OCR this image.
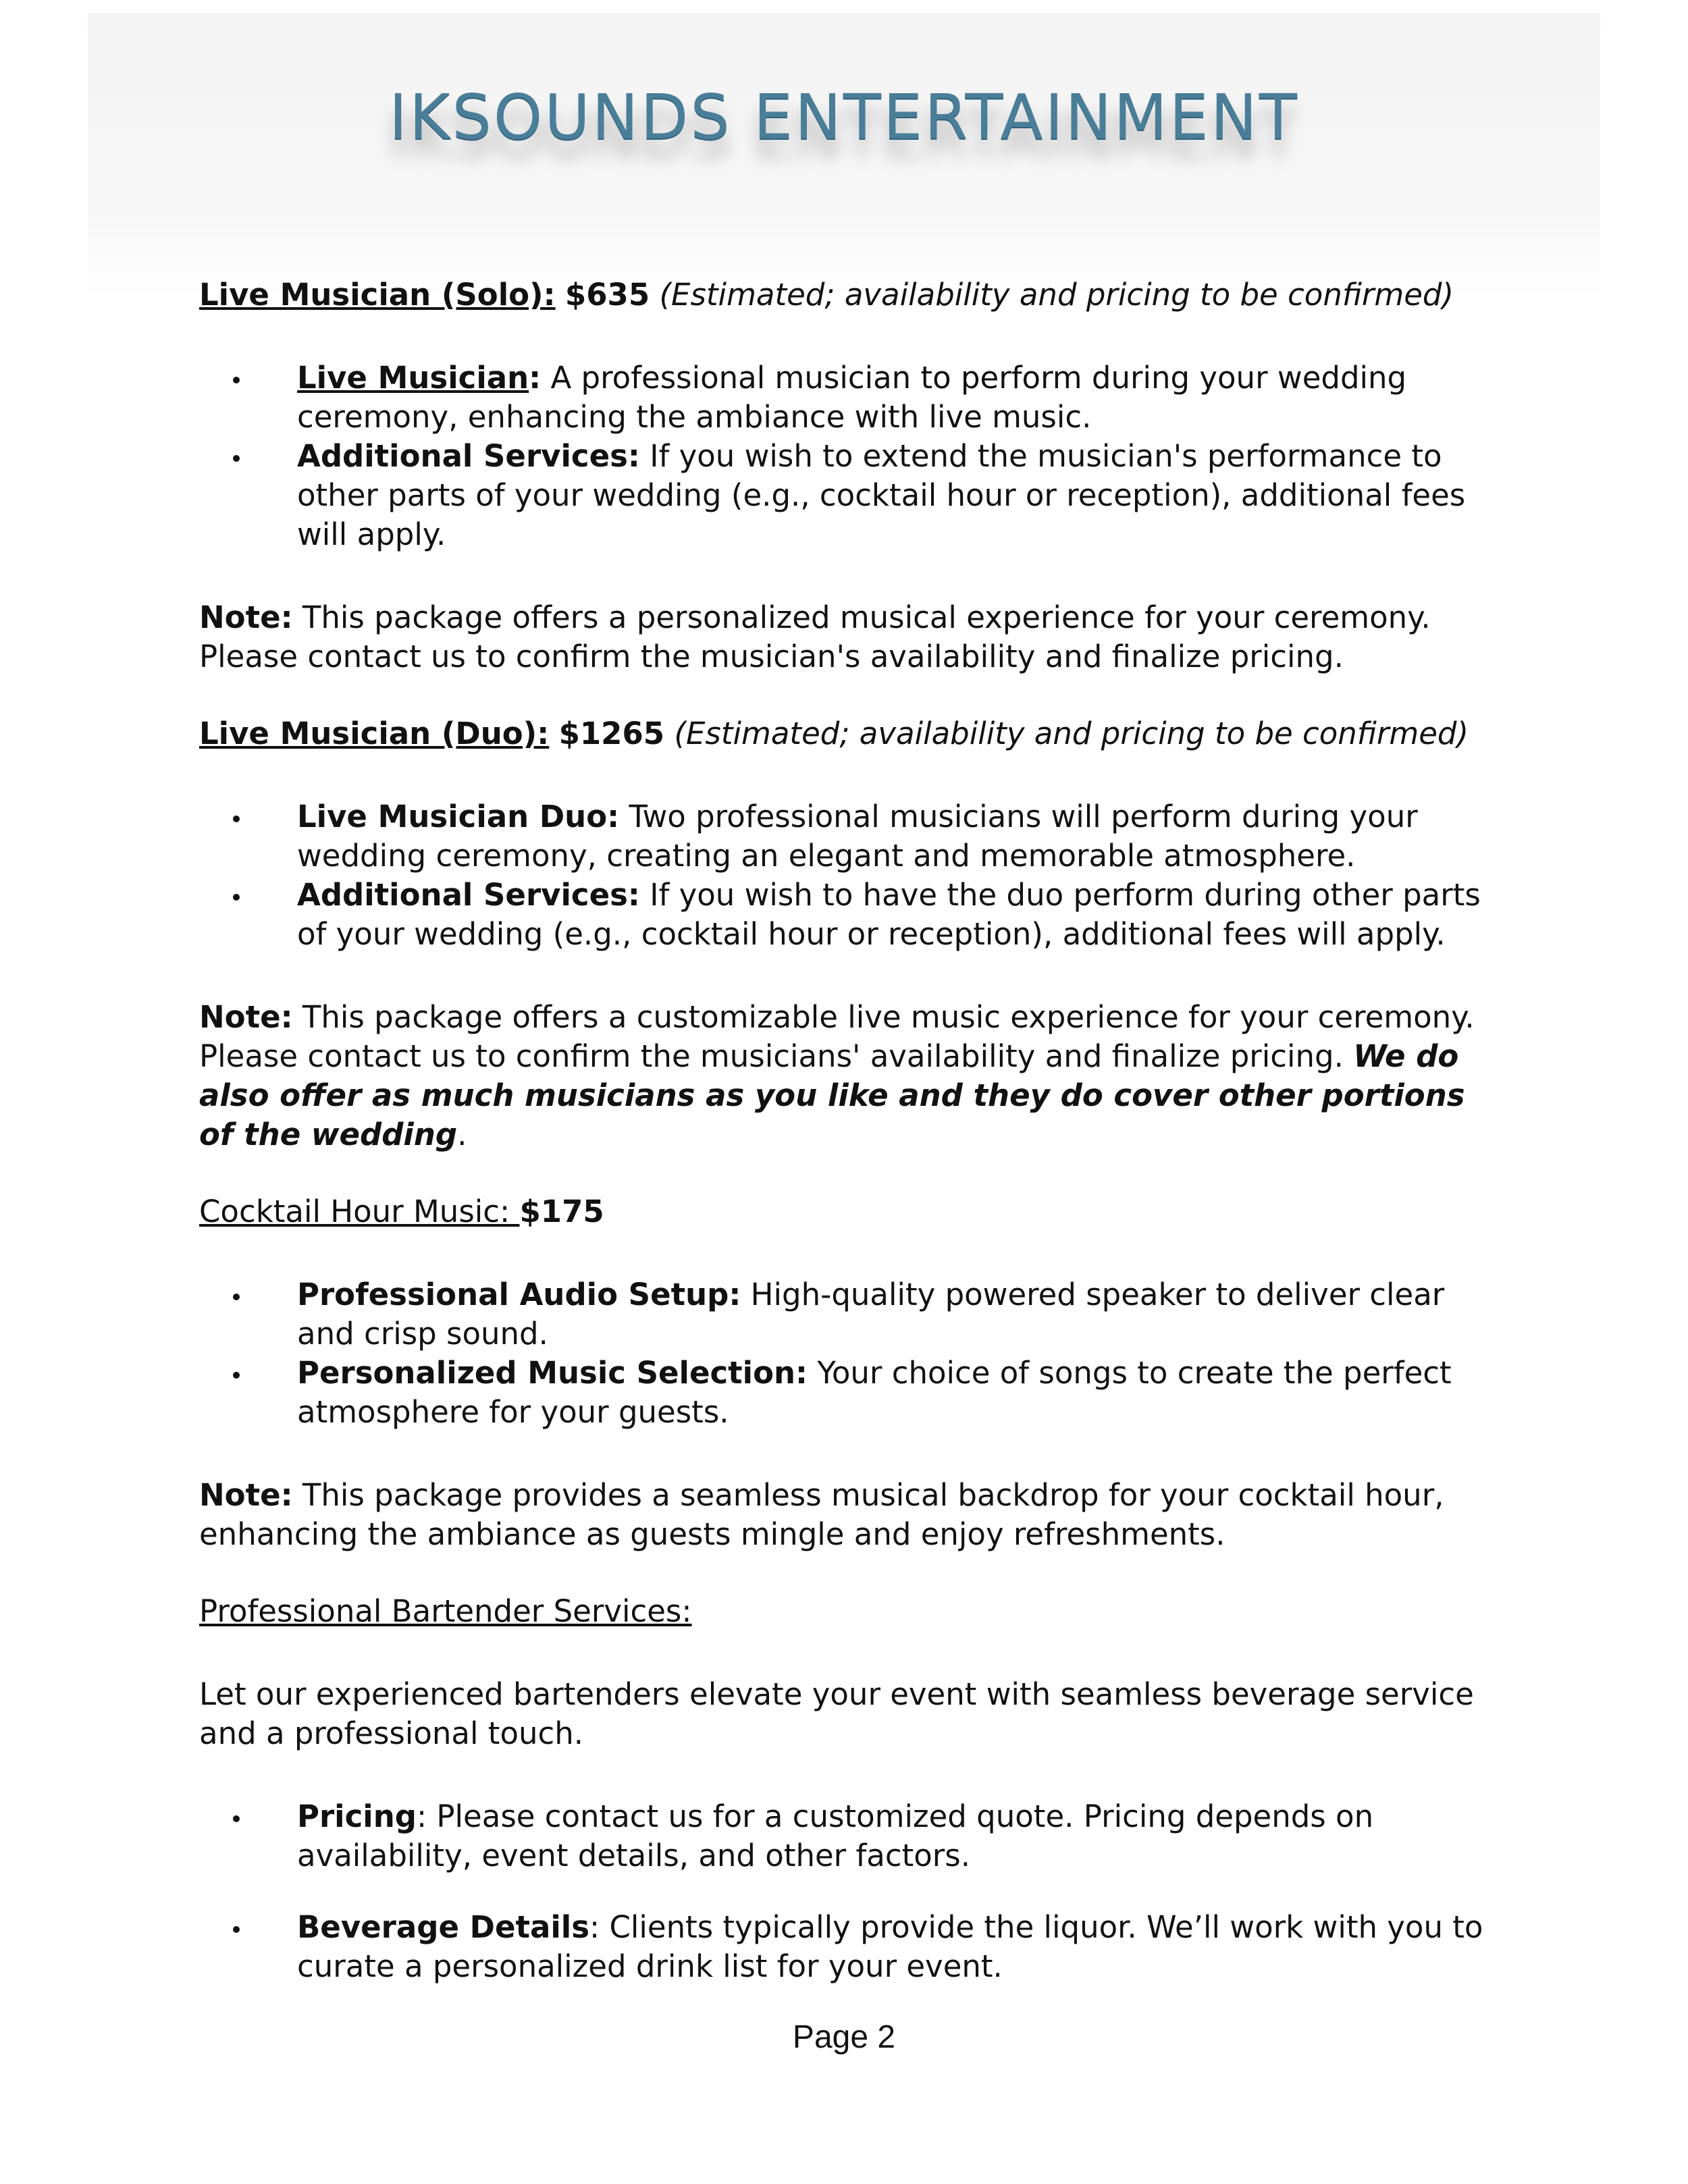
IKSOUNDS ENTERTAINMENT

Live Musician (Solo): $635 (Estimated; availability and pricing to be confirmed)

Live Musician: A professional musician to perform during your wedding ceremony, enhancing the ambiance with live music.
Additional Services: If you wish to extend the musician's performance to other parts of your wedding (e.g., cocktail hour or reception), additional fees will apply.

Note: This package offers a personalized musical experience for your ceremony. Please contact us to confirm the musician's availability and finalize pricing.

Live Musician (Duo): $1265 (Estimated; availability and pricing to be confirmed)

Live Musician Duo: Two professional musicians will perform during your wedding ceremony, creating an elegant and memorable atmosphere.
Additional Services: If you wish to have the duo perform during other parts of your wedding (e.g., cocktail hour or reception), additional fees will apply.

Note: This package offers a customizable live music experience for your ceremony. Please contact us to confirm the musicians' availability and finalize pricing. We do also offer as much musicians as you like and they do cover other portions of the wedding.

Cocktail Hour Music: $175

Professional Audio Setup: High-quality powered speaker to deliver clear and crisp sound.
Personalized Music Selection: Your choice of songs to create the perfect atmosphere for your guests.

Note: This package provides a seamless musical backdrop for your cocktail hour, enhancing the ambiance as guests mingle and enjoy refreshments.

Professional Bartender Services:

Let our experienced bartenders elevate your event with seamless beverage service and a professional touch.

Pricing: Please contact us for a customized quote. Pricing depends on availability, event details, and other factors.
Beverage Details: Clients typically provide the liquor. We’ll work with you to curate a personalized drink list for your event.
Page 2
